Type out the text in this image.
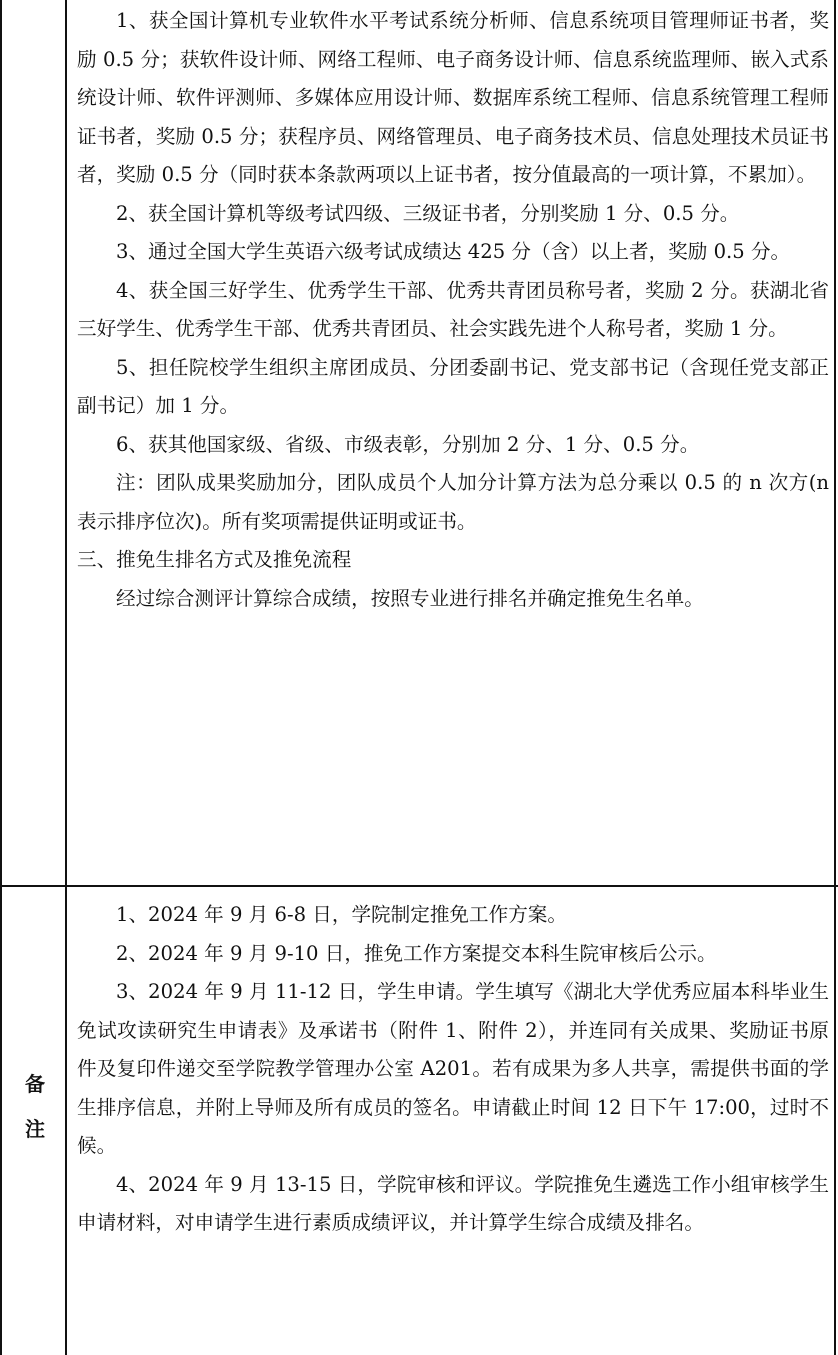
1、获全国计算机专业软件水平考试系统分析师、信息系统项目管理师证书者，奖励 0.5 分；获软件设计师、网络工程师、电子商务设计师、信息系统监理师、嵌入式系统设计师、软件评测师、多媒体应用设计师、数据库系统工程师、信息系统管理工程师证书者，奖励 0.5 分；获程序员、网络管理员、电子商务技术员、信息处理技术员证书者，奖励 0.5 分（同时获本条款两项以上证书者，按分值最高的一项计算，不累加）。

2、获全国计算机等级考试四级、三级证书者，分别奖励 1 分、0.5 分。

3、通过全国大学生英语六级考试成绩达 425 分（含）以上者，奖励 0.5 分。

4、获全国三好学生、优秀学生干部、优秀共青团员称号者，奖励 2 分。获湖北省三好学生、优秀学生干部、优秀共青团员、社会实践先进个人称号者，奖励 1 分。

5、担任院校学生组织主席团成员、分团委副书记、党支部书记（含现任党支部正副书记）加 1 分。

6、获其他国家级、省级、市级表彰，分别加 2 分、1 分、0.5 分。

注：团队成果奖励加分，团队成员个人加分计算方法为总分乘以 0.5 的 n 次方(n 表示排序位次)。所有奖项需提供证明或证书。

三、推免生排名方式及推免流程

经过综合测评计算综合成绩，按照专业进行排名并确定推免生名单。

备
注

1、2024 年 9 月 6-8 日，学院制定推免工作方案。

2、2024 年 9 月 9-10 日，推免工作方案提交本科生院审核后公示。

3、2024 年 9 月 11-12 日，学生申请。学生填写《湖北大学优秀应届本科毕业生免试攻读研究生申请表》及承诺书（附件 1、附件 2），并连同有关成果、奖励证书原件及复印件递交至学院教学管理办公室 A201。若有成果为多人共享，需提供书面的学生排序信息，并附上导师及所有成员的签名。申请截止时间 12 日下午 17:00，过时不候。

4、2024 年 9 月 13-15 日，学院审核和评议。学院推免生遴选工作小组审核学生申请材料，对申请学生进行素质成绩评议，并计算学生综合成绩及排名。
